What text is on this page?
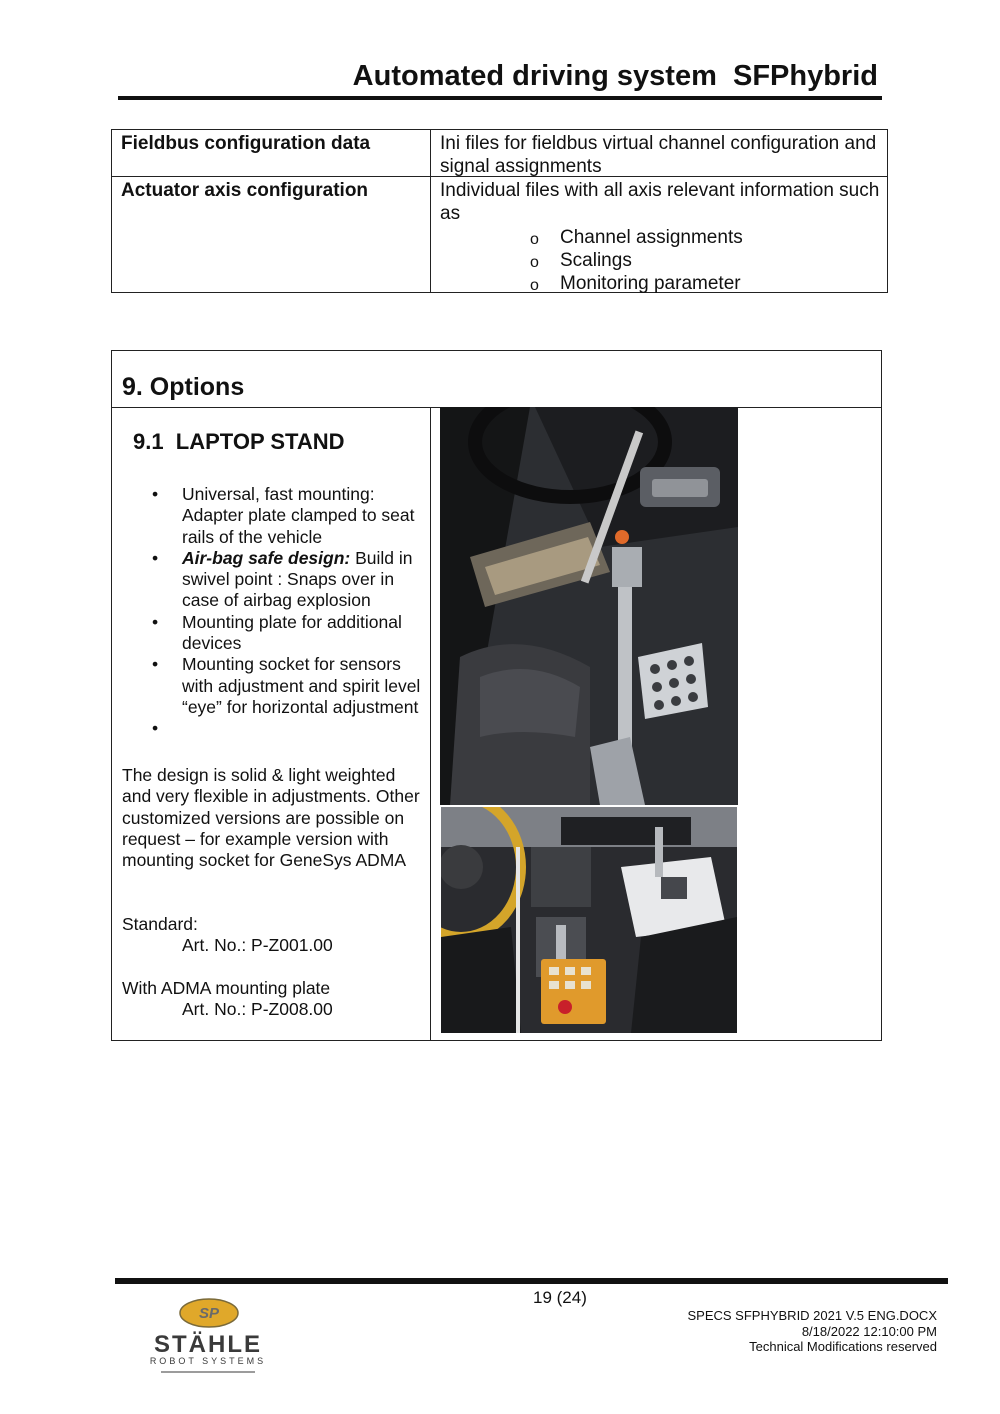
Automated driving system  SFPhybrid
Fieldbus configuration data	Ini files for fieldbus virtual channel configuration and signal assignments
Actuator axis configuration	Individual files with all axis relevant information such as
o Channel assignments
o Scalings
o Monitoring parameter
9. Options
9.1  LAPTOP STAND
• Universal, fast mounting: Adapter plate clamped to seat rails of the vehicle
• Air-bag safe design: Build in swivel point : Snaps over in case of airbag explosion
• Mounting plate for additional devices
• Mounting socket for sensors with adjustment and spirit level “eye” for horizontal adjustment
•
The design is solid & light weighted and very flexible in adjustments. Other customized versions are possible on request – for example version with mounting socket for GeneSys ADMA
Standard:
Art. No.: P-Z001.00
With ADMA mounting plate
Art. No.: P-Z008.00
19 (24)
SPECS SFPHYBRID 2021 V.5 ENG.DOCX
8/18/2022 12:10:00 PM
Technical Modifications reserved
SP
STÄHLE
ROBOT SYSTEMS
